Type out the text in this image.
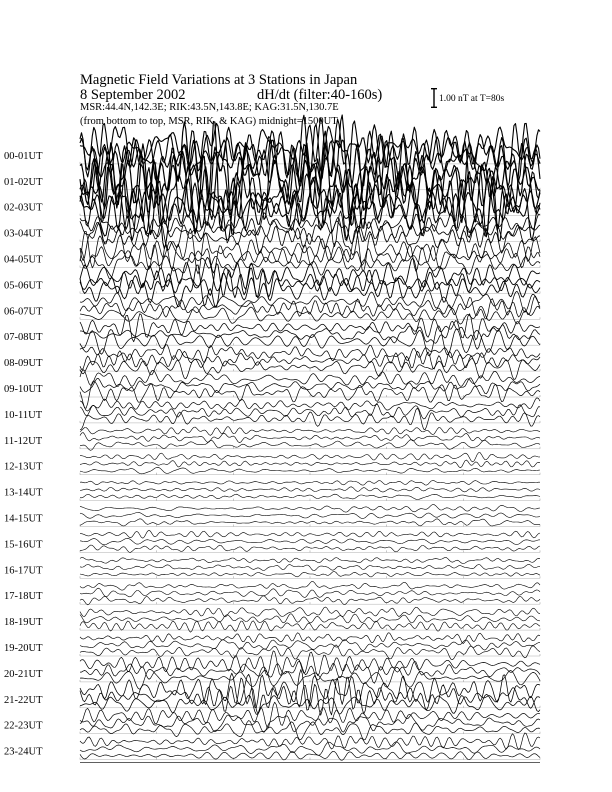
Magnetic Field Variations at 3 Stations in Japan
8 September 2002	dH/dt (filter:40-160s)
MSR:44.4N,142.3E; RIK:43.5N,143.8E; KAG:31.5N,130.7E
(from bottom to top, MSR, RIK, & KAG) midnight=1500UT
1.00 nT at T=80s
00-01UT
01-02UT
02-03UT
03-04UT
04-05UT
05-06UT
06-07UT
07-08UT
08-09UT
09-10UT
10-11UT
11-12UT
12-13UT
13-14UT
14-15UT
15-16UT
16-17UT
17-18UT
18-19UT
19-20UT
20-21UT
21-22UT
22-23UT
23-24UT
